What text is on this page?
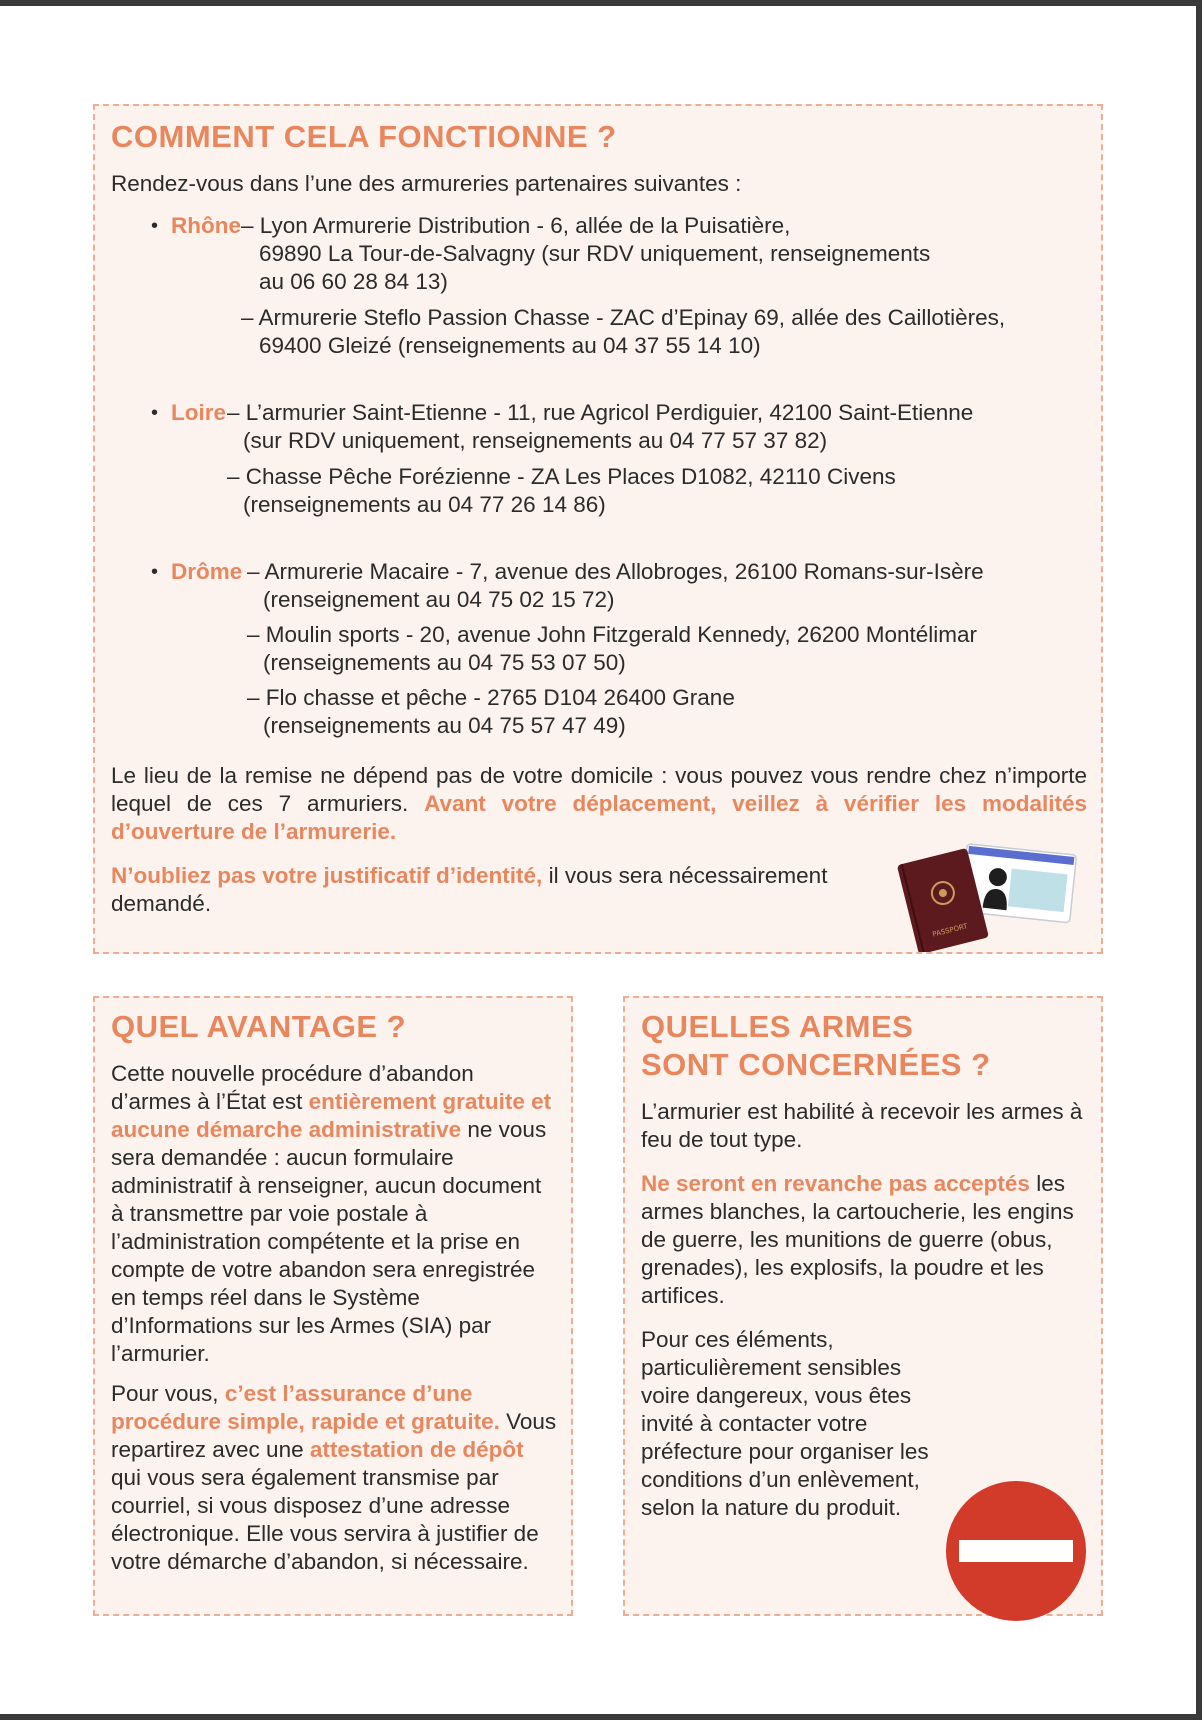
COMMENT CELA FONCTIONNE ?
Rendez-vous dans l’une des armureries partenaires suivantes :
• Rhône – Lyon Armurerie Distribution - 6, allée de la Puisatière,
69890 La Tour-de-Salvagny (sur RDV uniquement, renseignements
au 06 60 28 84 13)
– Armurerie Steflo Passion Chasse - ZAC d’Epinay 69, allée des Caillotières,
69400 Gleizé (renseignements au 04 37 55 14 10)
• Loire – L’armurier Saint-Etienne - 11, rue Agricol Perdiguier, 42100 Saint-Etienne
(sur RDV uniquement, renseignements au 04 77 57 37 82)
– Chasse Pêche Forézienne - ZA Les Places D1082, 42110 Civens
(renseignements au 04 77 26 14 86)
• Drôme – Armurerie Macaire - 7, avenue des Allobroges, 26100 Romans-sur-Isère
(renseignement au 04 75 02 15 72)
– Moulin sports - 20, avenue John Fitzgerald Kennedy, 26200 Montélimar
(renseignements au 04 75 53 07 50)
– Flo chasse et pêche - 2765 D104 26400 Grane
(renseignements au 04 75 57 47 49)
Le lieu de la remise ne dépend pas de votre domicile : vous pouvez vous rendre chez n’importe lequel de ces 7 armuriers. Avant votre déplacement, veillez à vérifier les modalités d’ouverture de l’armurerie.
N’oubliez pas votre justificatif d’identité, il vous sera nécessairement demandé.
PASSPORT
QUEL AVANTAGE ?
Cette nouvelle procédure d’abandon d’armes à l’État est entièrement gratuite et aucune démarche administrative ne vous sera demandée : aucun formulaire administratif à renseigner, aucun document à transmettre par voie postale à l’administration compétente et la prise en compte de votre abandon sera enregistrée en temps réel dans le Système d’Informations sur les Armes (SIA) par l’armurier.
Pour vous, c’est l’assurance d’une procédure simple, rapide et gratuite. Vous repartirez avec une attestation de dépôt qui vous sera également transmise par courriel, si vous disposez d’une adresse électronique. Elle vous servira à justifier de votre démarche d’abandon, si nécessaire.
QUELLES ARMES
SONT CONCERNÉES ?
L’armurier est habilité à recevoir les armes à feu de tout type.
Ne seront en revanche pas acceptés les armes blanches, la cartoucherie, les engins de guerre, les munitions de guerre (obus, grenades), les explosifs, la poudre et les artifices.
Pour ces éléments, particulièrement sensibles voire dangereux, vous êtes invité à contacter votre préfecture pour organiser les conditions d’un enlèvement, selon la nature du produit.
